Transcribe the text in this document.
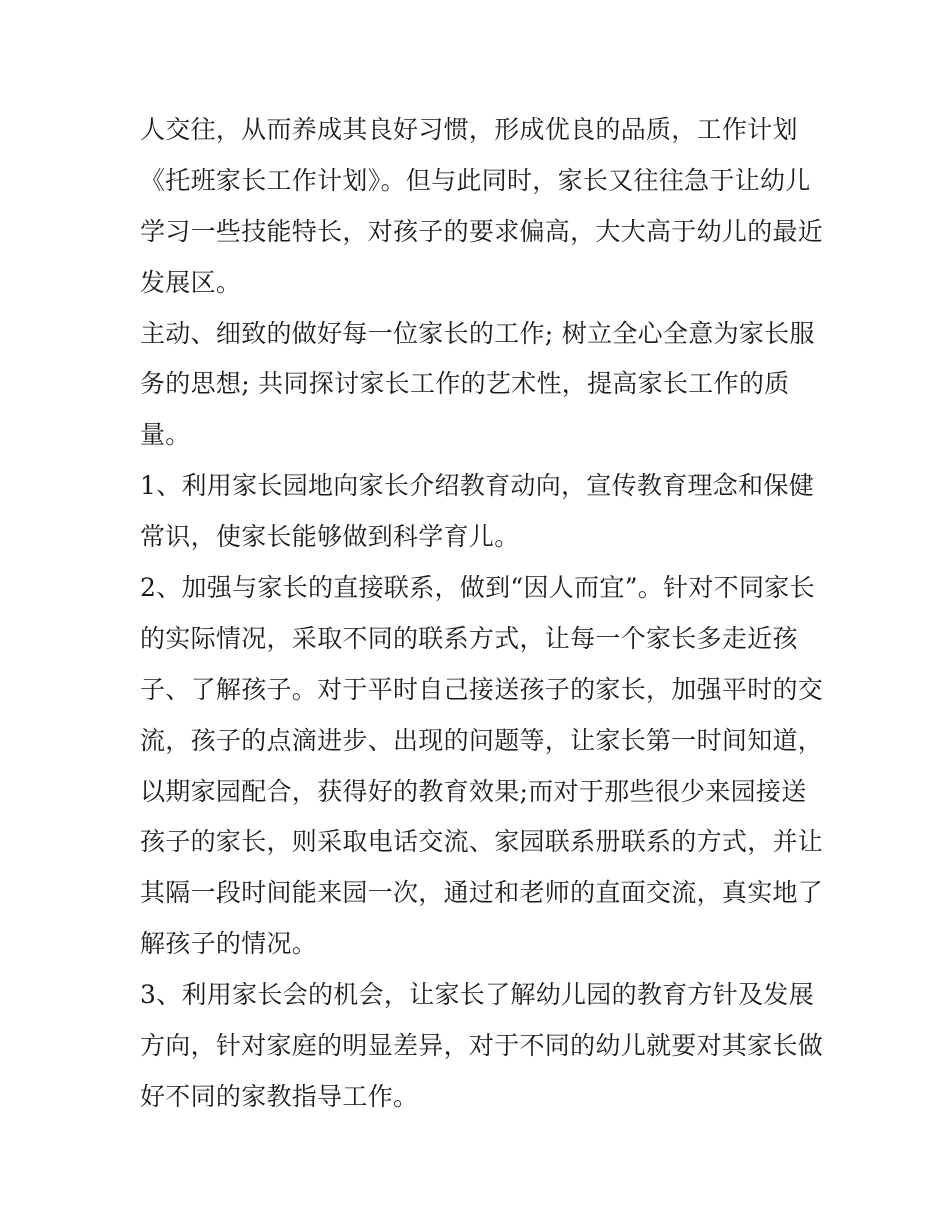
人交往，从而养成其良好习惯，形成优良的品质，工作计划
《托班家长工作计划》。但与此同时，家长又往往急于让幼儿
学习一些技能特长，对孩子的要求偏高，大大高于幼儿的最近
发展区。
主动、细致的做好每一位家长的工作; 树立全心全意为家长服
务的思想; 共同探讨家长工作的艺术性，提高家长工作的质
量。
1、利用家长园地向家长介绍教育动向，宣传教育理念和保健
常识，使家长能够做到科学育儿。
2、加强与家长的直接联系，做到“因人而宜”。针对不同家长
的实际情况，采取不同的联系方式，让每一个家长多走近孩
子、了解孩子。对于平时自己接送孩子的家长，加强平时的交
流，孩子的点滴进步、出现的问题等，让家长第一时间知道，
以期家园配合，获得好的教育效果;而对于那些很少来园接送
孩子的家长，则采取电话交流、家园联系册联系的方式，并让
其隔一段时间能来园一次，通过和老师的直面交流，真实地了
解孩子的情况。
3、利用家长会的机会，让家长了解幼儿园的教育方针及发展
方向，针对家庭的明显差异，对于不同的幼儿就要对其家长做
好不同的家教指导工作。
